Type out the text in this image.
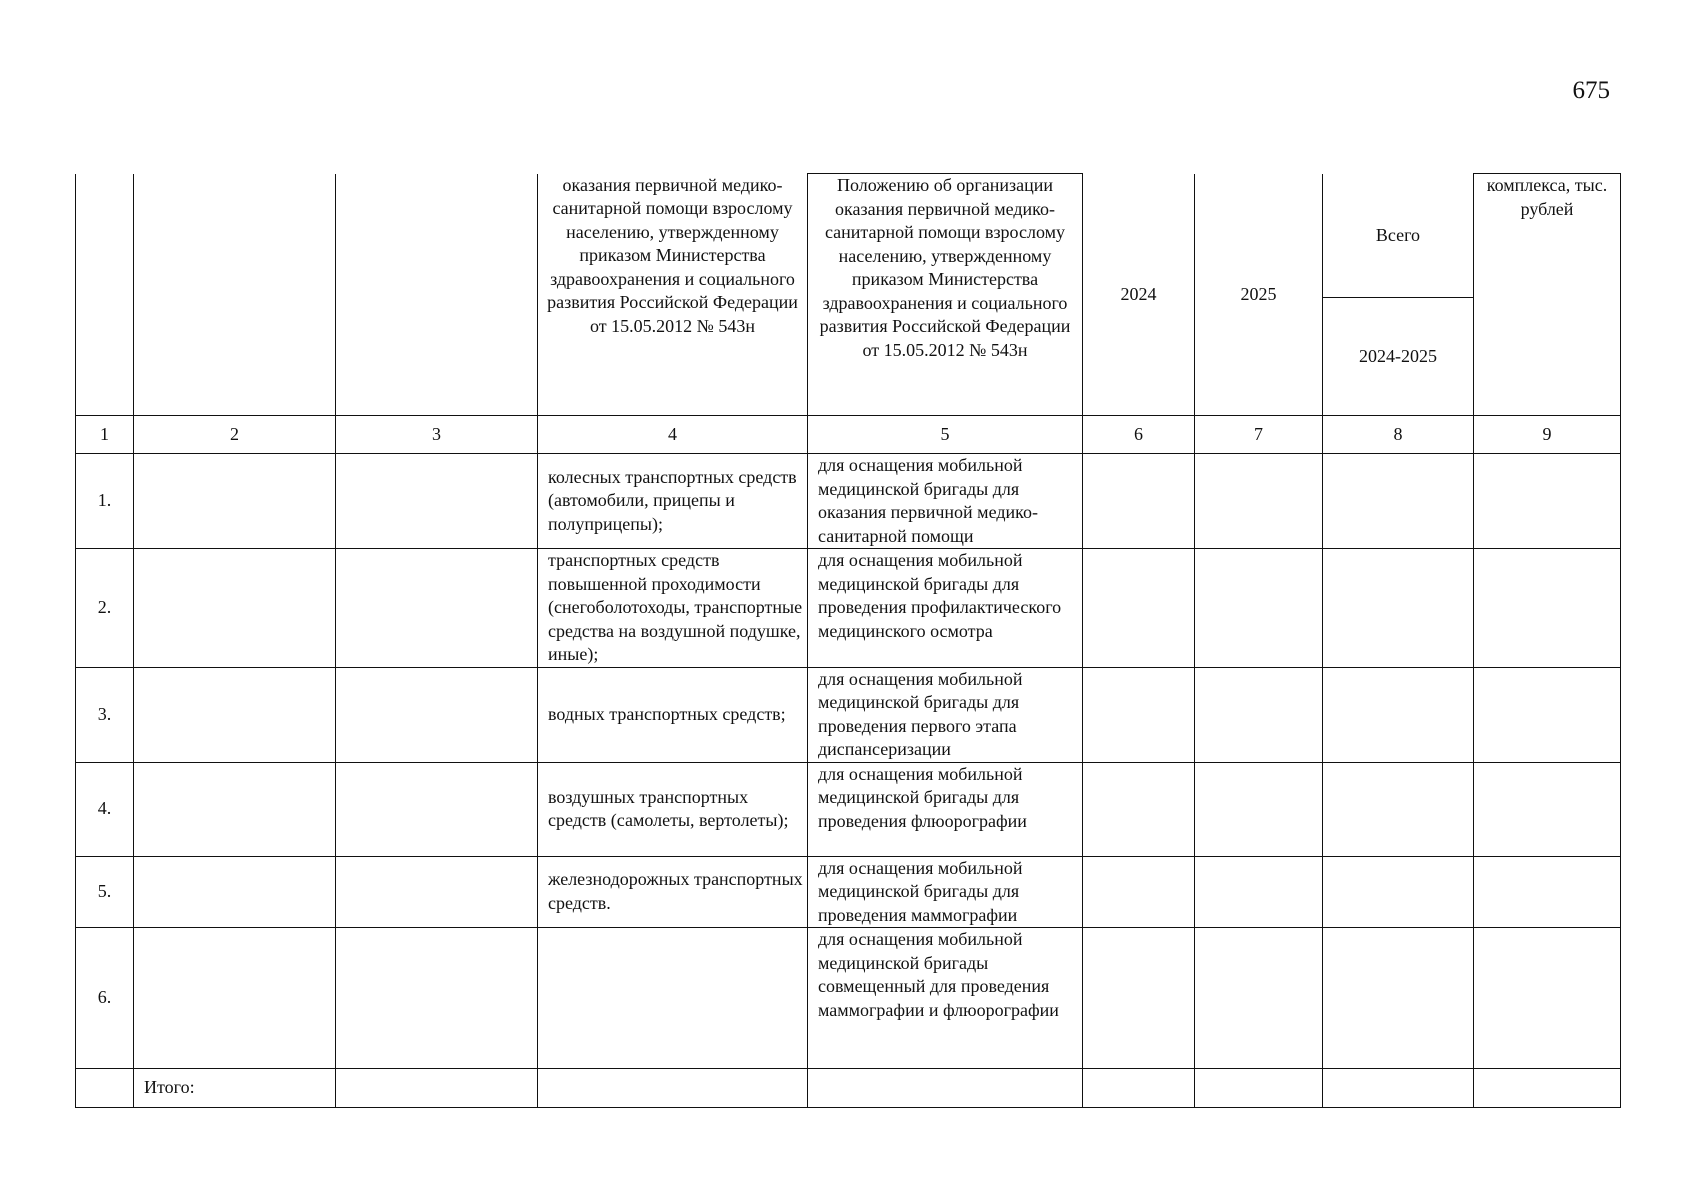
675
			оказания первичной медико-санитарной помощи взрослому населению, утвержденному приказом Министерства здравоохранения и социального развития Российской Федерации от 15.05.2012 № 543н	Положению об организации оказания первичной медико-санитарной помощи взрослому населению, утвержденному приказом Министерства здравоохранения и социального развития Российской Федерации от 15.05.2012 № 543н	2024	2025	Всего	комплекса, тыс. рублей
							2024-2025	
1	2	3	4	5	6	7	8	9
1.			колесных транспортных средств (автомобили, прицепы и полуприцепы);	для оснащения мобильной медицинской бригады для оказания первичной медико-санитарной помощи				
2.			транспортных средств повышенной проходимости (снегоболотоходы, транспортные средства на воздушной подушке, иные);	для оснащения мобильной медицинской бригады для проведения профилактического медицинского осмотра				
3.			водных транспортных средств;	для оснащения мобильной медицинской бригады для проведения первого этапа диспансеризации				
4.			воздушных транспортных средств (самолеты, вертолеты);	для оснащения мобильной медицинской бригады для проведения флюорографии				
5.			железнодорожных транспортных средств.	для оснащения мобильной медицинской бригады для проведения маммографии				
6.				для оснащения мобильной медицинской бригады совмещенный для проведения маммографии и флюорографии				
	Итого:							
